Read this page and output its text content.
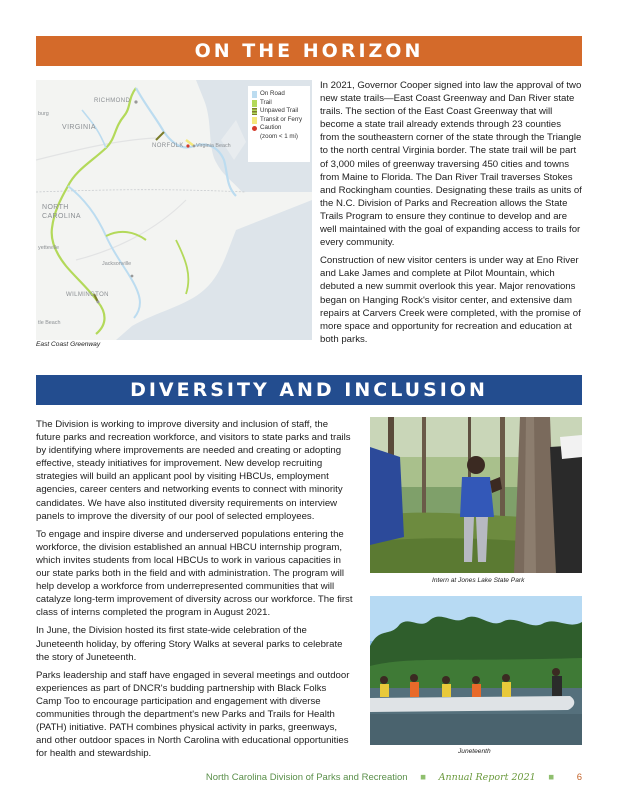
ON THE HORIZON
RICHMOND
burg
VIRGINIA
NORFOLK Virginia Beach
NORTH
CAROLINA
yetteville
Jacksonville
WILMINGTON
tle Beach
On Road
Trail
Unpaved Trail
Transit or Ferry
Caution
(zoom < 1 mi)
East Coast Greenway

In 2021, Governor Cooper signed into law the approval of two new state trails—East Coast Greenway and Dan River state trails. The section of the East Coast Greenway that will become a state trail already extends through 23 counties from the southeastern corner of the state through the Triangle to the north central Virginia border. The state trail will be part of 3,000 miles of greenway traversing 450 cities and towns from Maine to Florida. The Dan River Trail traverses Stokes and Rockingham counties. Designating these trails as units of the N.C. Division of Parks and Recreation allows the State Trails Program to ensure they continue to develop and are well maintained with the goal of expanding access to trails for every community.

Construction of new visitor centers is under way at Eno River and Lake James and complete at Pilot Mountain, which debuted a new summit overlook this year. Major renovations began on Hanging Rock's visitor center, and extensive dam repairs at Carvers Creek were completed, with the promise of more space and opportunity for recreation and education at both parks.

DIVERSITY AND INCLUSION

The Division is working to improve diversity and inclusion of staff, the future parks and recreation workforce, and visitors to state parks and trails by identifying where improvements are needed and creating or adopting effective, steady initiatives for improvement. New develop recruiting strategies will build an applicant pool by visiting HBCUs, employment agencies, career centers and networking events to connect with minority candidates. We have also instituted diversity requirements on interview panels to improve the diversity of our pool of selected employees.

To engage and inspire diverse and underserved populations entering the workforce, the division established an annual HBCU internship program, which invites students from local HBCUs to work in various capacities in our state parks both in the field and with administration. The program will help develop a workforce from underrepresented communities that will catalyze long-term improvement of diversity across our workforce. The first class of interns completed the program in August 2021.

In June, the Division hosted its first state-wide celebration of the Juneteenth holiday, by offering Story Walks at several parks to celebrate the story of Juneteenth.

Parks leadership and staff have engaged in several meetings and outdoor experiences as part of DNCR's budding partnership with Black Folks Camp Too to encourage participation and engagement with diverse communities through the department's new Parks and Trails for Health (PATH) initiative. PATH combines physical activity in parks, greenways, and other outdoor spaces in North Carolina with educational opportunities for health and stewardship.

Intern at Jones Lake State Park
Juneteenth
North Carolina Division of Parks and Recreation ■ Annual Report 2021 ■ 6
